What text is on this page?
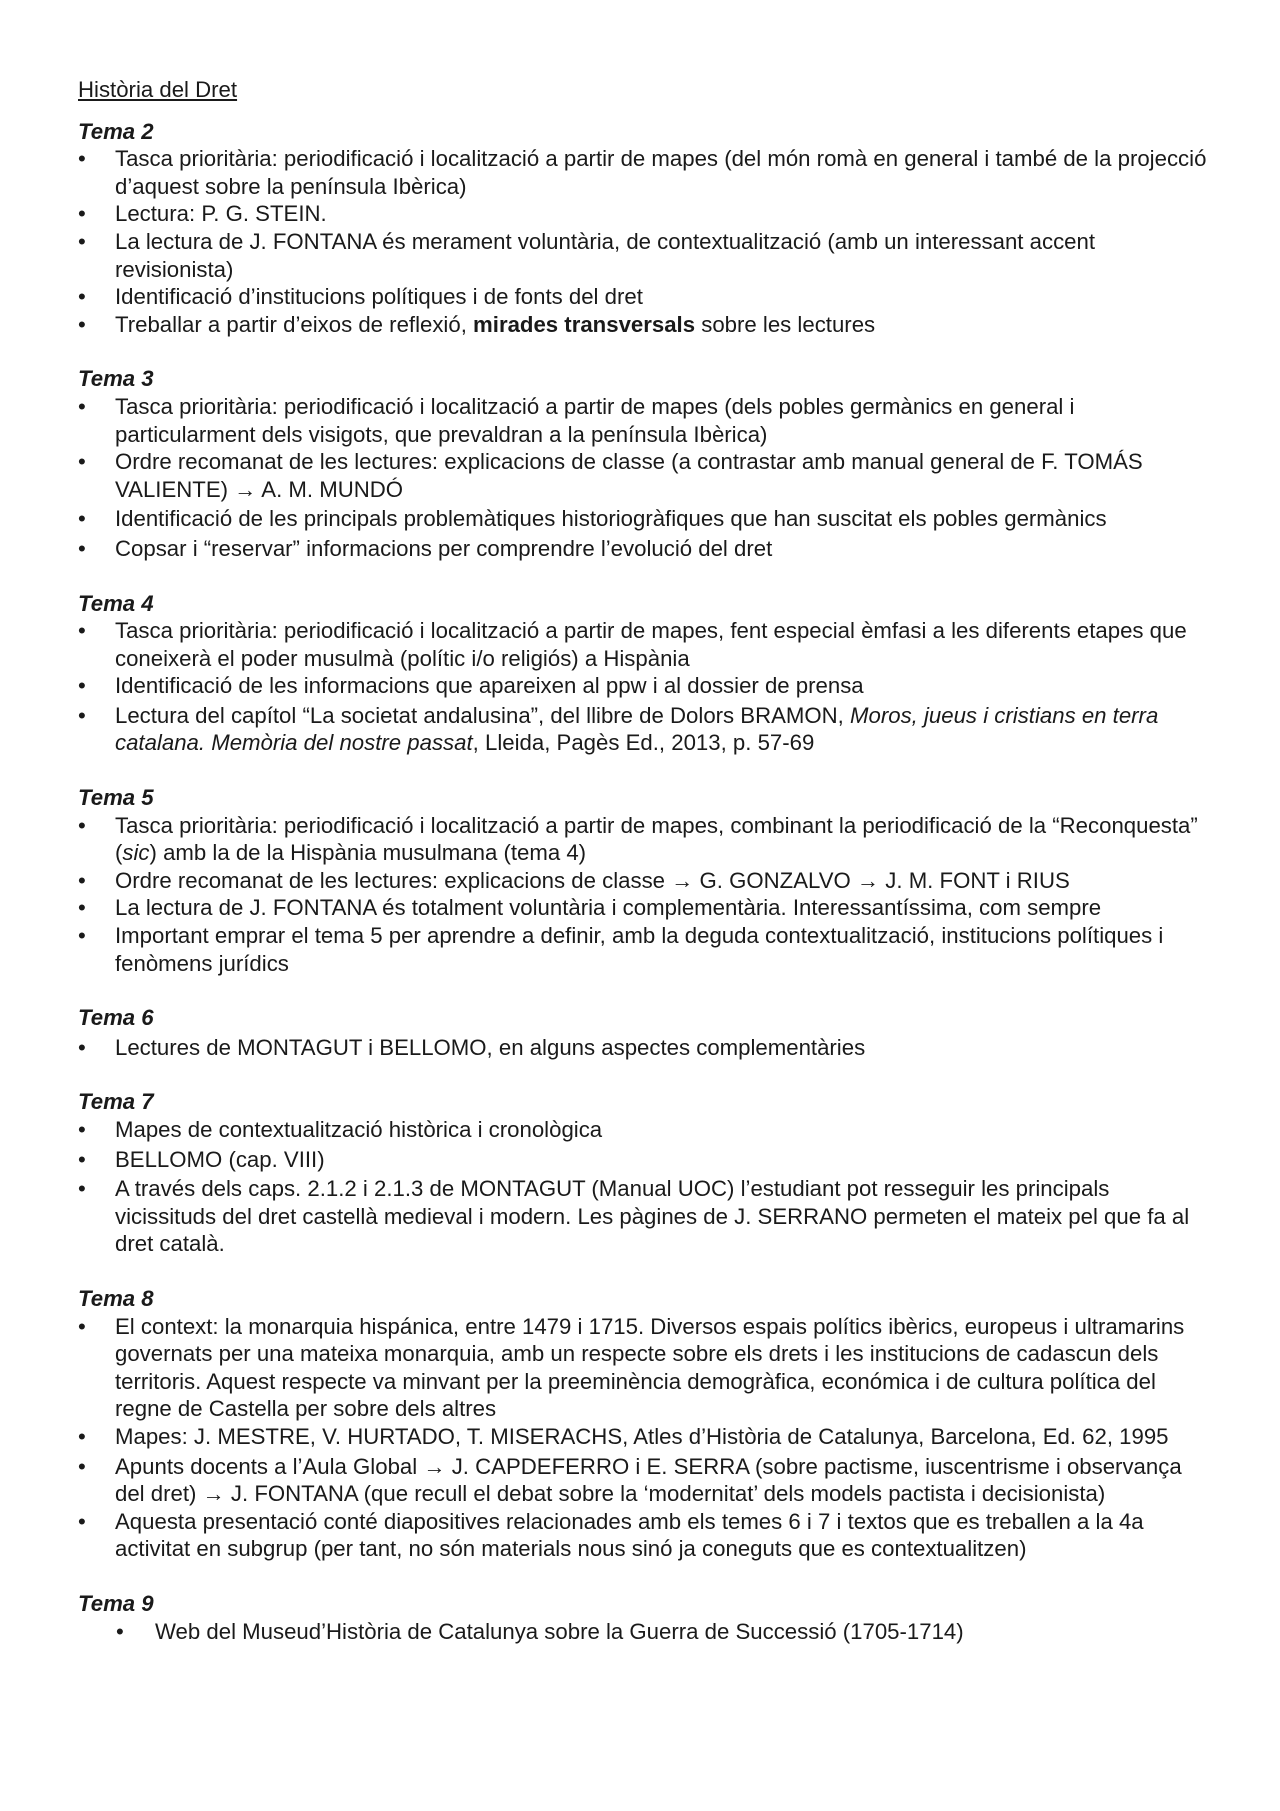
Història del Dret
Tema 2
• Tasca prioritària: periodificació i localització a partir de mapes (del món romà en general i també de la projecció d’aquest sobre la península Ibèrica)
• Lectura: P. G. STEIN.
• La lectura de J. FONTANA és merament voluntària, de contextualització (amb un interessant accent revisionista)
• Identificació d’institucions polítiques i de fonts del dret
• Treballar a partir d’eixos de reflexió, mirades transversals sobre les lectures
Tema 3
• Tasca prioritària: periodificació i localització a partir de mapes (dels pobles germànics en general i particularment dels visigots, que prevaldran a la península Ibèrica)
• Ordre recomanat de les lectures: explicacions de classe (a contrastar amb manual general de F. TOMÁS VALIENTE) → A. M. MUNDÓ
• Identificació de les principals problemàtiques historiogràfiques que han suscitat els pobles germànics
• Copsar i “reservar” informacions per comprendre l’evolució del dret
Tema 4
• Tasca prioritària: periodificació i localització a partir de mapes, fent especial èmfasi a les diferents etapes que coneixerà el poder musulmà (polític i/o religiós) a Hispània
• Identificació de les informacions que apareixen al ppw i al dossier de prensa
• Lectura del capítol “La societat andalusina”, del llibre de Dolors BRAMON, Moros, jueus i cristians en terra catalana. Memòria del nostre passat, Lleida, Pagès Ed., 2013, p. 57-69
Tema 5
• Tasca prioritària: periodificació i localització a partir de mapes, combinant la periodificació de la “Reconquesta” (sic) amb la de la Hispània musulmana (tema 4)
• Ordre recomanat de les lectures: explicacions de classe → G. GONZALVO → J. M. FONT i RIUS
• La lectura de J. FONTANA és totalment voluntària i complementària. Interessantíssima, com sempre
• Important emprar el tema 5 per aprendre a definir, amb la deguda contextualització, institucions polítiques i fenòmens jurídics
Tema 6
• Lectures de MONTAGUT i BELLOMO, en alguns aspectes complementàries
Tema 7
• Mapes de contextualització històrica i cronològica
• BELLOMO (cap. VIII)
• A través dels caps. 2.1.2 i 2.1.3 de MONTAGUT (Manual UOC) l’estudiant pot resseguir les principals vicissituds del dret castellà medieval i modern. Les pàgines de J. SERRANO permeten el mateix pel que fa al dret català.
Tema 8
• El context: la monarquia hispánica, entre 1479 i 1715. Diversos espais polítics ibèrics, europeus i ultramarins governats per una mateixa monarquia, amb un respecte sobre els drets i les institucions de cadascun dels territoris. Aquest respecte va minvant per la preeminència demogràfica, económica i de cultura política del regne de Castella per sobre dels altres
• Mapes: J. MESTRE, V. HURTADO, T. MISERACHS, Atles d’Història de Catalunya, Barcelona, Ed. 62, 1995
• Apunts docents a l’Aula Global → J. CAPDEFERRO i E. SERRA (sobre pactisme, iuscentrisme i observança del dret) → J. FONTANA (que recull el debat sobre la ‘modernitat’ dels models pactista i decisionista)
• Aquesta presentació conté diapositives relacionades amb els temes 6 i 7 i textos que es treballen a la 4a activitat en subgrup (per tant, no són materials nous sinó ja coneguts que es contextualitzen)
Tema 9
• Web del Museud’Història de Catalunya sobre la Guerra de Successió (1705-1714)
